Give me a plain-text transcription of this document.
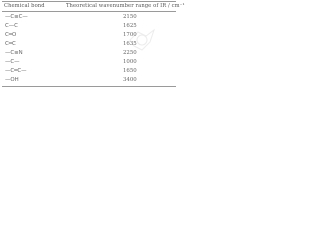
Chemical bond	Theoretical wavenumber range of IR / cm⁻¹
—C≡C—	2150
C—C	1625
C═O	1700
C═C	1635
—C≡N	2250
—C—	1000
—C═C—	1650
—OH	3400
